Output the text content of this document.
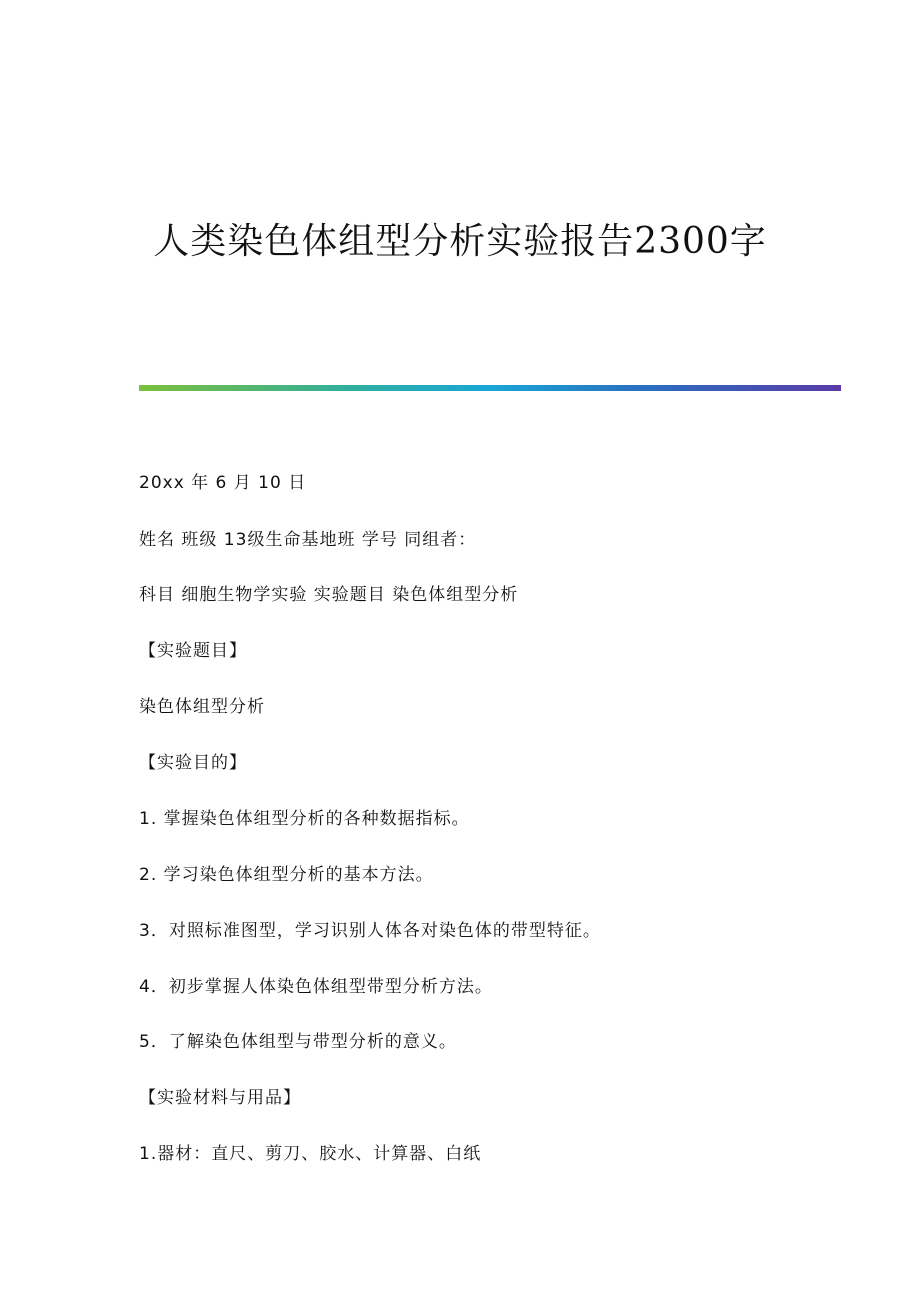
人类染色体组型分析实验报告2300字
20xx 年 6 月 10 日
姓名 班级 13级生命基地班 学号 同组者：
科目 细胞生物学实验 实验题目 染色体组型分析
【实验题目】
染色体组型分析
【实验目的】
1. 掌握染色体组型分析的各种数据指标。
2. 学习染色体组型分析的基本方法。
3．对照标准图型，学习识别人体各对染色体的带型特征。
4．初步掌握人体染色体组型带型分析方法。
5．了解染色体组型与带型分析的意义。
【实验材料与用品】
1.器材：直尺、剪刀、胶水、计算器、白纸
